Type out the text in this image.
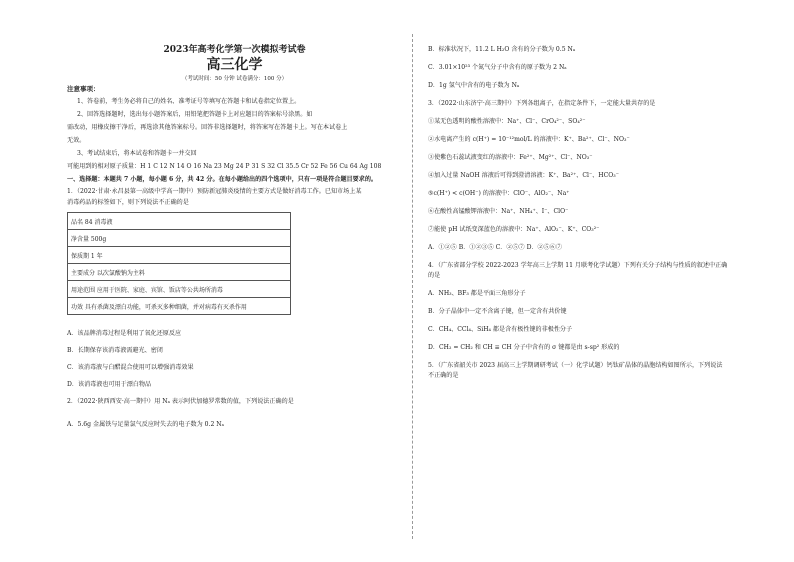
2023年高考化学第一次模拟考试卷
高三化学
（考试时间：50 分钟 试卷满分：100 分）
注意事项：
1、答卷前，考生务必将自己的姓名、准考证号等填写在答题卡和试卷指定位置上。
2、回答选择题时，选出每小题答案后，用铅笔把答题卡上对应题目的答案标号涂黑。如
需改动，用橡皮擦干净后，再选涂其他答案标号。回答非选择题时，将答案写在答题卡上。写在本试卷上
无效。
3、考试结束后，将本试卷和答题卡一并交回
可能用到的相对原子质量：H 1 C 12 N 14 O 16 Na 23 Mg 24 P 31 S 32 Cl 35.5 Cr 52 Fe 56 Cu 64 Ag 108
一、选择题：本题共 7 小题，每小题 6 分，共 42 分。在每小题给出的四个选项中，只有一项是符合题目要求的。
1．（2022·甘肃·永昌县第一高级中学高一期中）预防新冠肺炎疫情的主要方式是做好消毒工作。已知市场上某
消毒药品的标签如下，则下列说法不正确的是
品名 84 消毒液
净含量 500g
保质期 1 年
主要成分 以次氯酸钠为主料
用途范围 应用于医院、家庭、宾馆、饭店等公共场所消毒
功效 具有杀菌及漂白功能，可杀灭多种细菌，并对病毒有灭杀作用
A．该品牌消毒过程是利用了氧化还原反应
B．长期保存该消毒液需避光、密闭
C．该消毒液与白醋混合使用可以增强消毒效果
D．该消毒液也可用于漂白物品
2．（2022·陕西西安·高一期中）用 Nₐ 表示阿伏加德罗常数的值，下列说法正确的是
A．5.6g 金属铁与足量氯气反应时失去的电子数为 0.2 Nₐ
B．标准状况下，11.2 L H₂O 含有的分子数为 0.5 Nₐ
C．3.01×10²³ 个氮气分子中含有的原子数为 2 Nₐ
D．1g 氢气中含有的电子数为 Nₐ
3．（2022·山东济宁·高三期中）下列各组离子，在指定条件下，一定能大量共存的是
①某无色透明的酸性溶液中：Na⁺、Cl⁻、CrO₄²⁻、SO₄²⁻
②水电离产生的 c(H⁺) = 10⁻¹²mol/L 的溶液中：K⁺、Ba²⁺、Cl⁻、NO₃⁻
③使紫色石蕊试液变红的溶液中：Fe²⁺、Mg²⁺、Cl⁻、NO₃⁻
④加入过量 NaOH 溶液后可得到澄清溶液：K⁺、Ba²⁺、Cl⁻、HCO₃⁻
⑤c(H⁺) < c(OH⁻) 的溶液中：ClO⁻、AlO₂⁻、Na⁺
⑥在酸性高锰酸钾溶液中：Na⁺、NH₄⁺、I⁻、ClO⁻
⑦能使 pH 试纸变深蓝色的溶液中：Na⁺、AlO₂⁻、K⁺、CO₃²⁻
A．①②⑤ B．①②③⑤ C．②⑤⑦ D．②⑤⑥⑦
4．（广东省部分学校 2022-2023 学年高三上学期 11 月联考化学试题）下列有关分子结构与性质的叙述中正确
的是
A．NH₃、BF₃ 都是平面三角形分子
B．分子晶体中一定不含离子键，但一定含有共价键
C．CH₄、CCl₄、SiH₄ 都是含有极性键的非极性分子
D．CH₂ = CH₂ 和 CH ≡ CH 分子中含有的 σ 键都是由 s-sp² 形成的
5．（广东省韶关市 2023 届高三上学期调研考试（一）化学试题）钙钛矿晶体的晶胞结构如图所示，下列说法
不正确的是
